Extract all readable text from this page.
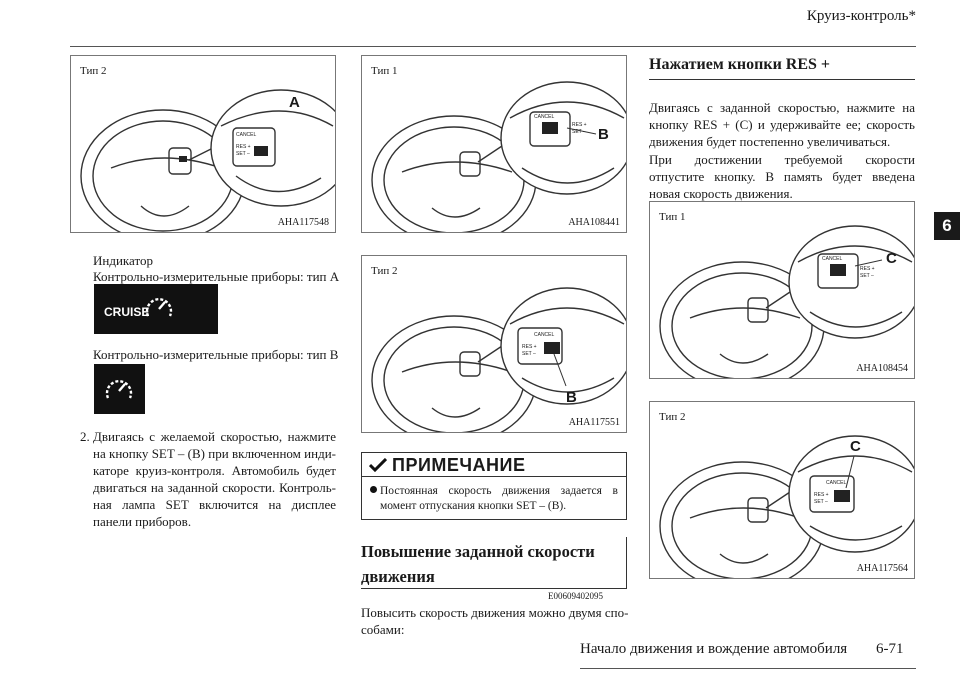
Круиз-контроль*
6
CANCEL
RES +
SET –
A
Тип 2
AHA117548
Индикатор
Контрольно-измерительные приборы: тип A
CRUISE
Контрольно-измерительные приборы: тип B
2. Двигаясь с желаемой скоростью, нажмите на кнопку SET – (B) при включенном инди-каторе круиз-контроля. Автомобиль будет двигаться на заданной скорости. Контроль-ная лампа SET включится на дисплее панели приборов.
CANCEL
RES +
SET – B
Тип 1
AHA108441
CANCEL
RES +
SET –
B
Тип 2
AHA117551
ПРИМЕЧАНИЕ
Постоянная скорость движения задается в момент отпускания кнопки SET – (B).
Повышение заданной скорости движения
E00609402095
Повысить скорость движения можно двумя спо-собами:
Нажатием кнопки RES +
Двигаясь с заданной скоростью, нажмите на кнопку RES + (C) и удерживайте ее; скорость движения будет постепенно увеличиваться.
При достижении требуемой скорости отпустите кнопку. В память будет введена новая скорость движения.
CANCEL
RES +
SET –
C
Тип 1
AHA108454
CANCEL
RES +
SET –
C
Тип 2
AHA117564
Начало движения и вождение автомобиля 6-71
